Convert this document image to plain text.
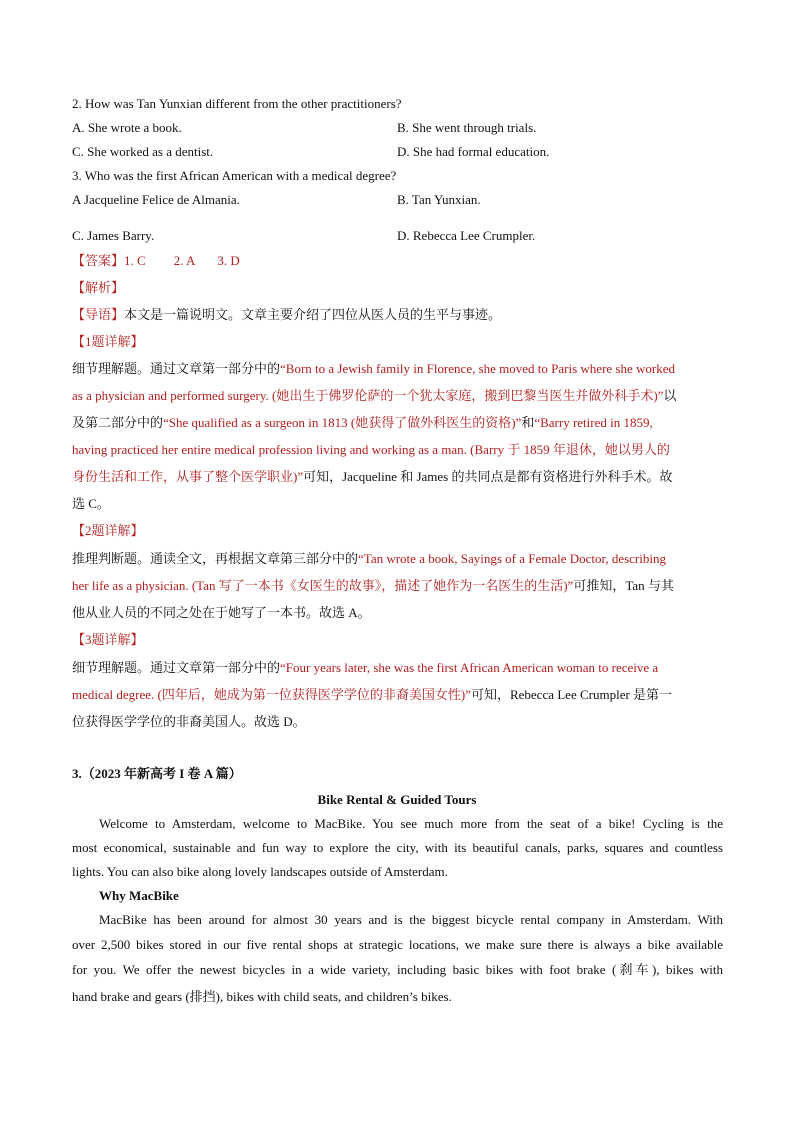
2. How was Tan Yunxian different from the other practitioners?
A. She wrote a book.	B. She went through trials.
C. She worked as a dentist.	D. She had formal education.
3. Who was the first African American with a medical degree?
A Jacqueline Felice de Almania.	B. Tan Yunxian.
C. James Barry.	D. Rebecca Lee Crumpler.
【答案】1. C 2. A 3. D
【解析】
【导语】本文是一篇说明文。文章主要介绍了四位从医人员的生平与事迹。
【1题详解】
细节理解题。通过文章第一部分中的“Born to a Jewish family in Florence, she moved to Paris where she worked
as a physician and performed surgery. (她出生于佛罗伦萨的一个犹太家庭，搬到巴黎当医生并做外科手术)”以
及第二部分中的“She qualified as a surgeon in 1813 (她获得了做外科医生的资格)”和“Barry retired in 1859,
having practiced her entire medical profession living and working as a man. (Barry 于 1859 年退休，她以男人的
身份生活和工作，从事了整个医学职业)”可知，Jacqueline 和 James 的共同点是都有资格进行外科手术。故
选 C。
【2题详解】
推理判断题。通读全文，再根据文章第三部分中的“Tan wrote a book, Sayings of a Female Doctor, describing
her life as a physician. (Tan 写了一本书《女医生的故事》，描述了她作为一名医生的生活)”可推知，Tan 与其
他从业人员的不同之处在于她写了一本书。故选 A。
【3题详解】
细节理解题。通过文章第一部分中的“Four years later, she was the first African American woman to receive a
medical degree. (四年后，她成为第一位获得医学学位的非裔美国女性)”可知，Rebecca Lee Crumpler 是第一
位获得医学学位的非裔美国人。故选 D。
3.（2023 年新高考 I 卷 A 篇）
Bike Rental & Guided Tours
Welcome to Amsterdam, welcome to MacBike. You see much more from the seat of a bike! Cycling is the
most economical, sustainable and fun way to explore the city, with its beautiful canals, parks, squares and countless
lights. You can also bike along lovely landscapes outside of Amsterdam.
Why MacBike
MacBike has been around for almost 30 years and is the biggest bicycle rental company in Amsterdam. With
over 2,500 bikes stored in our five rental shops at strategic locations, we make sure there is always a bike available
for you. We offer the newest bicycles in a wide variety, including basic bikes with foot brake (刹车), bikes with
hand brake and gears (排挡), bikes with child seats, and children’s bikes.
